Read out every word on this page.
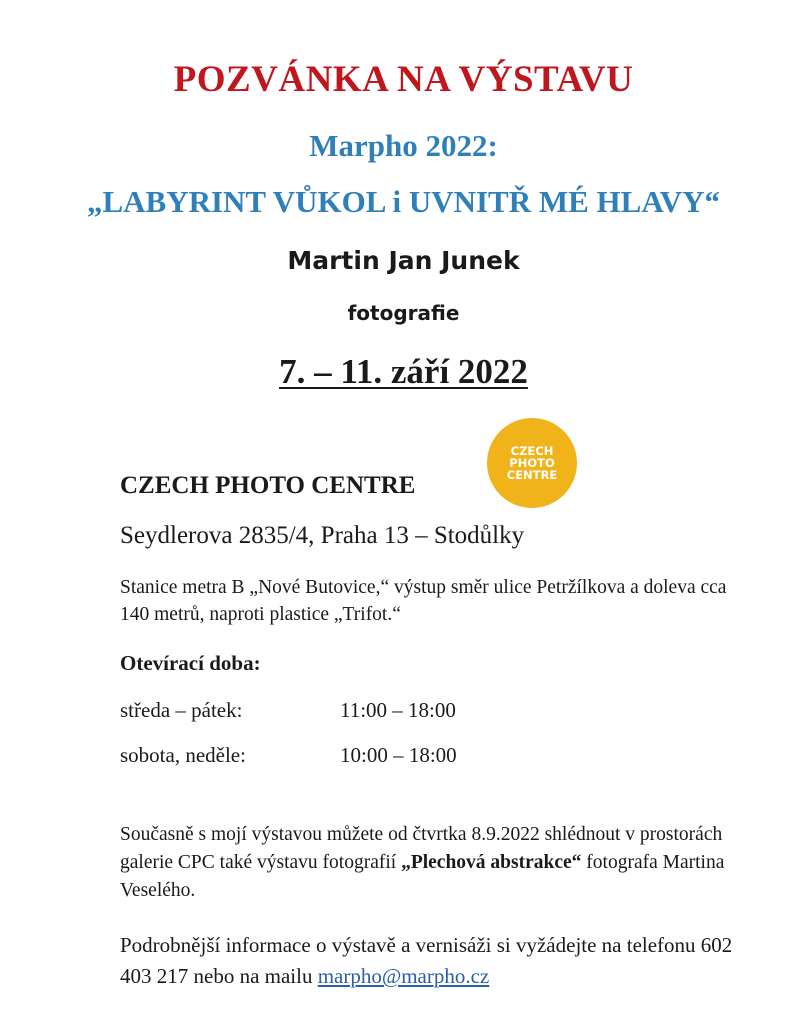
POZVÁNKA NA VÝSTAVU
Marpho 2022:
„LABYRINT VŮKOL i UVNITŘ MÉ HLAVY“
Martin Jan Junek
fotografie
7. – 11. září 2022
CZECH
PHOTO
CENTRE
CZECH PHOTO CENTRE
Seydlerova 2835/4, Praha 13 – Stodůlky
Stanice metra B „Nové Butovice,“ výstup směr ulice Petržílkova a doleva cca 140 metrů, naproti plastice „Trifot.“
Otevírací doba:
středa – pátek:	11:00 – 18:00
sobota, neděle:	10:00 – 18:00
Současně s mojí výstavou můžete od čtvrtka 8.9.2022 shlédnout v prostorách galerie CPC také výstavu fotografií „Plechová abstrakce“ fotografa Martina Veselého.
Podrobnější informace o výstavě a vernisáži si vyžádejte na telefonu 602 403 217 nebo na mailu marpho@marpho.cz
